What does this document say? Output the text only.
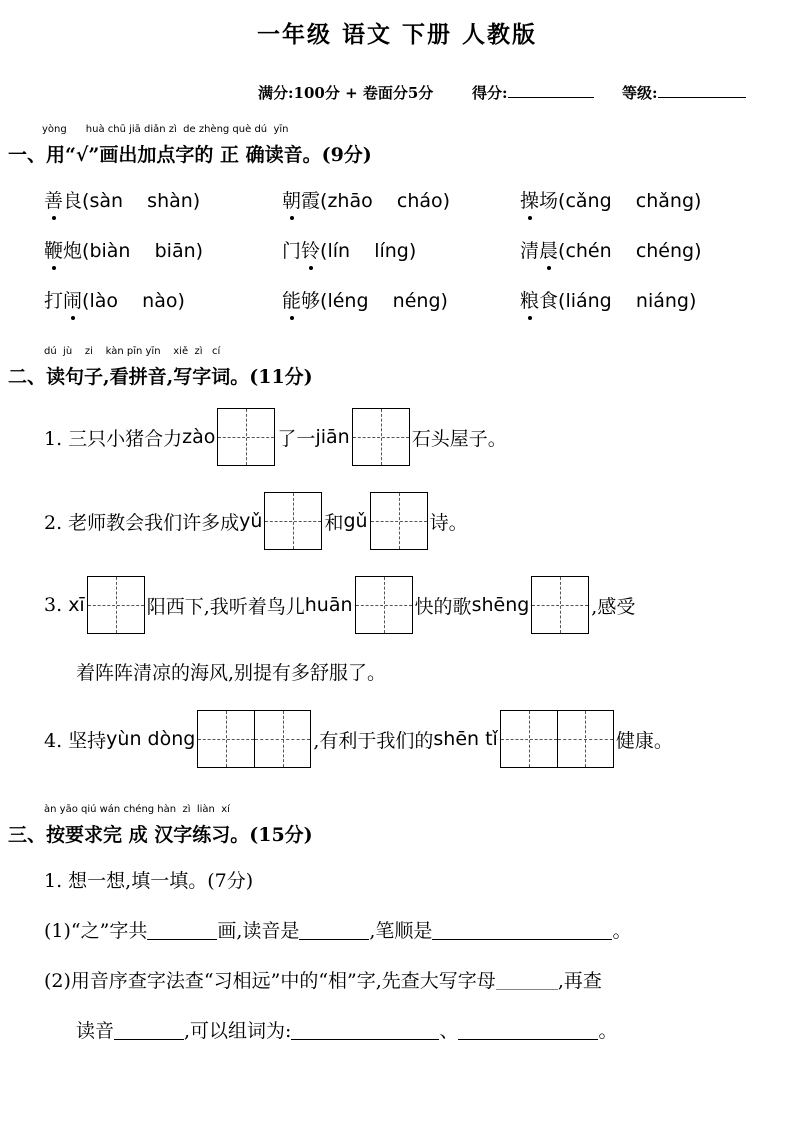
一年级 语文 下册 人教版
满分:100分 + 卷面分5分	得分:	等级:
yòng      huà chū jiā diǎn zì  de zhèng què dú  yīn
一、用“√”画出加点字的 正 确读音。(9分)
善良(sàn    shàn)	朝霞(zhāo    cháo)	操场(cǎng    chǎng)
鞭炮(biàn    biān)	门铃(lín    líng)	清晨(chén    chéng)
打闹(lào    nào)	能够(léng    néng)	粮食(liáng    niáng)
dú  jù    zi    kàn pīn yīn    xiě  zì   cí
二、读句子,看拼音,写字词。(11分)
1. 三只小猪合力 zào	了一 jiān	石头屋子。
2. 老师教会我们许多成 yǔ	和 gǔ	诗。
3.
xī	阳西下,我听着鸟儿 huān	快的歌 shēng	,感受
着阵阵清凉的海风,别提有多舒服了。
4. 坚持 yùn dòng	,有利于我们的 shēn tǐ	健康。
àn yāo qiú wán chéng hàn  zì  liàn  xí
三、按要求完 成 汉字练习。(15分)
1. 想一想,填一填。(7分)
(1)“之”字共	画,读音是	,笔顺是	。
(2)用音序查字法查“习相远”中的“相”字,先查大写字母	,再查
读音	,可以组词为:	、	。
